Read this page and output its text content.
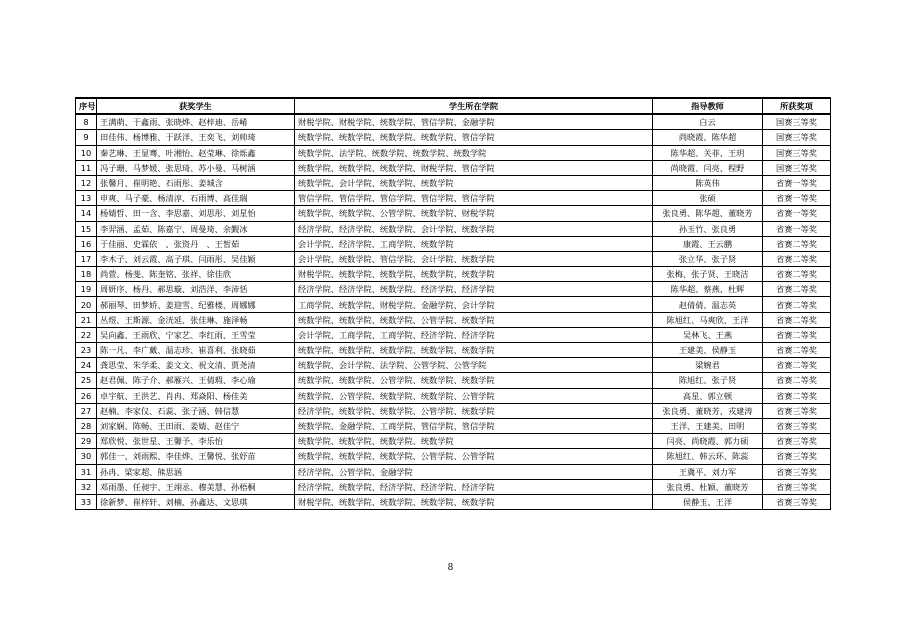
序号	获奖学生	学生所在学院	指导教师	所获奖项
8	王满萌、于鑫雨、张晓烨、赵梓迪、岳崤	财税学院、财税学院、统数学院、管信学院、金融学院	白云	国赛三等奖
9	田佳伟、杨博雅、于跃洋、王奕飞、刘帅琦	统数学院、统数学院、统数学院、统数学院、管信学院	尚晓霞、陈华超	国赛三等奖
10	秦艺琳、王显骞、叶湘怡、赵莹琳、徐烁鑫	统数学院、法学院、统数学院、统数学院、统数学院	陈华超、关菲、王玥	国赛三等奖
11	冯子珊、马梦媛、张思琦、苏小曼、马树涵	统数学院、统数学院、统数学院、财税学院、管信学院	尚晓霞、闫亮、程野	国赛三等奖
12	张馨月、崔明艳、石雨彤、姜城含	统数学院、会计学院、统数学院、统数学院	陈英伟	省赛一等奖
13	申爽、马子豪、杨清淳、石雨博、高佳瑞	管信学院、管信学院、管信学院、管信学院、管信学院	张硕	省赛一等奖
14	杨婧哲、田一含、李思嘉、刘思彤、刘星怡	统数学院、统数学院、公管学院、统数学院、财税学院	张良勇、陈华超、董晓芳	省赛一等奖
15	李羿涵、孟茹、陈嘉宁、周曼琦、余觐冰	经济学院、经济学院、统数学院、会计学院、统数学院	孙玉竹、张良勇	省赛一等奖
16	于佳丽、史霖依　、张资丹　、王皙茹	会计学院、经济学院、工商学院、统数学院	康霞、王云鹏	省赛二等奖
17	李木子、刘云霞、高子琪、闫雨彤、吴佳颖	会计学院、统数学院、管信学院、会计学院、统数学院	张立华、张子贤	省赛二等奖
18	尚萱、杨斐、陈奎铭、张祥、徐佳欣	财税学院、统数学院、统数学院、统数学院、统数学院	张梅、张子贤、王晓洁	省赛二等奖
19	周妍序、杨丹、郝思璇、刘浩洋、李沛恬	经济学院、经济学院、统数学院、经济学院、经济学院	陈华超、蔡燕、杜辉	省赛二等奖
20	郝丽琴、田梦娇、姜迎雪、纪雅楼、周娜娜	工商学院、统数学院、财税学院、金融学院、会计学院	赵倩倩、温志英	省赛二等奖
21	丛煜、王斯源、金洸延、张佳琳、施泽畅	统数学院、统数学院、统数学院、公管学院、统数学院	陈旭红、马爽欣、王洋	省赛二等奖
22	吴向鑫、王雨欣、宁家艺、李红雨、王雪莹	会计学院、工商学院、工商学院、经济学院、经济学院	吴林飞、王燕	省赛二等奖
23	陈一凡、李广戴、温志珍、崔喜利、张晓茹	统数学院、统数学院、统数学院、统数学院、统数学院	王建美、侯静玉	省赛二等奖
24	龚思莹、朱学柔、姜文文、祝文清、贾尧清	统数学院、会计学院、法学院、公管学院、公管学院	梁婉君	省赛二等奖
25	赵君佩、陈子介、郝雁兴、王倩瑕、李心瑜	统数学院、统数学院、公管学院、统数学院、统数学院	陈旭红、张子贤	省赛二等奖
26	卓宇航、王洪艺、肖冉、郑焱阳、杨佳美	统数学院、公管学院、统数学院、统数学院、公管学院	高星、郭立顿	省赛二等奖
27	赵楠、李家仪、石蕊、张子涵、韩信慧	经济学院、统数学院、统数学院、公管学院、统数学院	张良勇、董晓芳、戎建涛	省赛三等奖
28	刘家娴、陈畅、王田雨、姜婧、赵佳宁	统数学院、金融学院、工商学院、管信学院、管信学院	王洋、王建美、田明	省赛三等奖
29	郑欣悦、张世星、王馨予、李乐怡	统数学院、统数学院、统数学院、统数学院	闫亮、尚晓霞、郭力硕	省赛三等奖
30	郭佳一、刘雨熙、李佳烨、王馨悦、张妤苗	统数学院、统数学院、统数学院、公管学院、公管学院	陈旭红、韩云环、陈蕊	省赛三等奖
31	孙冉、梁家超、熊思涵	经济学院、公管学院、金融学院	王冀平、刘力军	省赛三等奖
32	邓雨墨、任昶宇、王翊丞、穆美慧、孙梧桐	经济学院、统数学院、经济学院、经济学院、经济学院	张良勇、杜颖、董晓芳	省赛三等奖
33	徐新梦、崔梓轩、刘楠、孙鑫达、文思琪	财税学院、统数学院、统数学院、统数学院、统数学院	侯静玉、王洋	省赛三等奖
8
